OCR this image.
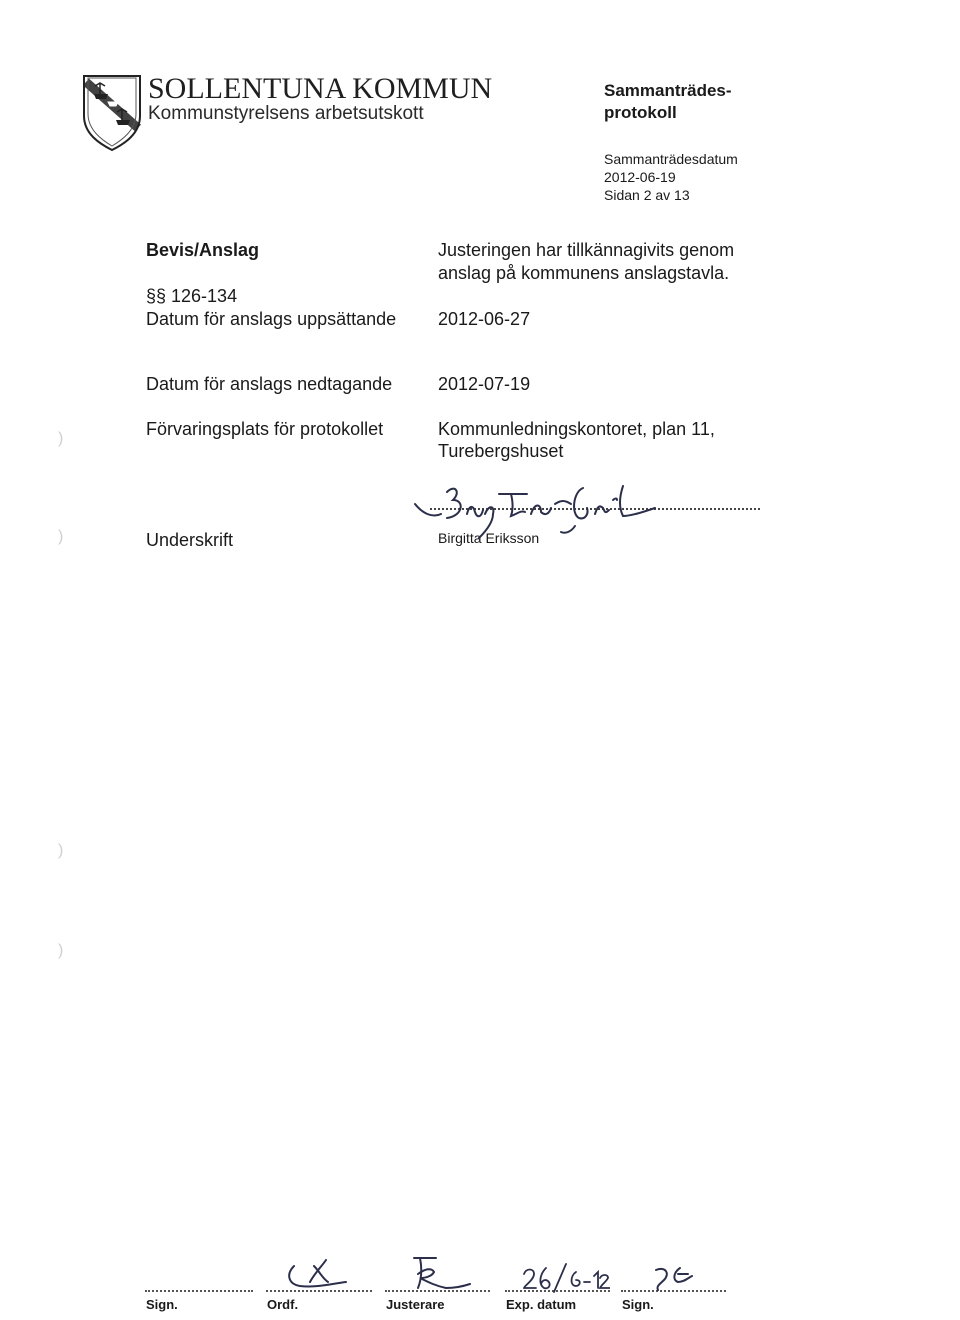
SOLLENTUNA KOMMUN
Kommunstyrelsens arbetsutskott
Sammanträdes-
protokoll
Sammanträdesdatum
2012-06-19
Sidan 2 av 13
Bevis/Anslag	Justeringen har tillkännagivits genom
anslag på kommunens anslagstavla.
§§ 126-134
Datum för anslags uppsättande 2012-06-27
Datum för anslags nedtagande	2012-07-19
Förvaringsplats för protokollet	Kommunledningskontoret, plan 11,
Turebergshuset
Underskrift	Birgitta Eriksson
Sign.	Ordf.	Justerare	Exp. datum	Sign.
)
)
)
)
